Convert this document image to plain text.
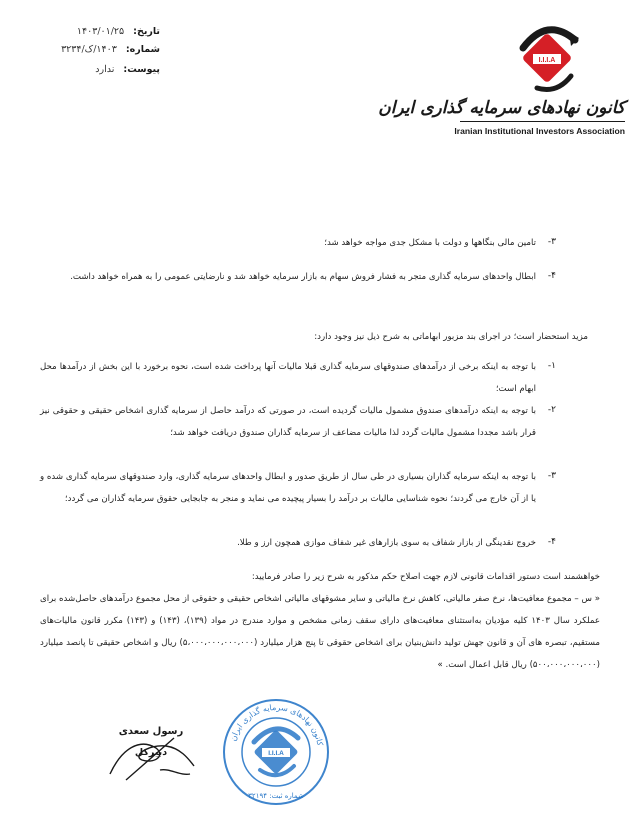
تاریخ: ۱۴۰۳/۰۱/۲۵
شماره: ۱۴۰۳/ک/۳۲۳۴
پیوست: ندارد
I.I.I.A
کانون نهادهای سرمایه گذاری ایران
Iranian Institutional Investors Association
۳-
تامین مالی بنگاهها و دولت با مشکل جدی مواجه خواهد شد؛
۴-
ابطال واحدهای سرمایه گذاری متجر به فشار فروش سهام به بازار سرمایه خواهد شد و نارضایتی عمومی را به همراه خواهد داشت.
مزید استحضار است؛ در اجرای بند مزبور ابهاماتی به شرح ذیل نیز وجود دارد:
۱-
با توجه به اینکه برخی از درآمدهای صندوقهای سرمایه گذاری قبلا مالیات آنها پرداخت شده است، نحوه برخورد با این بخش از درآمدها محل ابهام است؛
۲-
با توجه به اینکه درآمدهای صندوق مشمول مالیات گردیده است، در صورتی که درآمد حاصل از سرمایه گذاری اشخاص حقیقی و حقوقی نیز قرار باشد مجددا مشمول مالیات گردد لذا مالیات مضاعف از سرمایه گذاران صندوق دریافت خواهد شد؛
۳-
با توجه به اینکه سرمایه گذاران بسیاری در طی سال از طریق صدور و ابطال واحدهای سرمایه گذاری، وارد صندوقهای سرمایه گذاری شده و یا از آن خارج می گردند؛ نحوه شناسایی مالیات بر درآمد را بسیار پیچیده می نماید و منجر به جابجایی حقوق سرمایه گذاران می گردد؛
۴-
خروج نقدینگی از بازار شفاف به سوی بازارهای غیر شفاف موازی همچون ارز و طلا.
خواهشمند است دستور اقدامات قانونی لازم جهت اصلاح حکم مذکور به شرح زیر را صادر فرمایید:
« س – مجموع معافیت‌ها، نرخ صفر مالیاتی، کاهش نرخ مالیاتی و سایر مشوقهای مالیاتی اشخاص حقیقی و حقوقی از محل مجموع درآمدهای حاصل‌شده برای عملکرد سال ۱۴۰۳ کلیه مؤدیان به‌استثنای معافیت‌های دارای سقف زمانی مشخص و موارد مندرج در مواد (۱۳۹)، (۱۴۳) و (۱۴۳) مکرر قانون مالیات‌های مستقیم، تبصره های آن و قانون جهش تولید دانش‌بنیان برای اشخاص حقوقی تا پنج هزار میلیارد (۵،۰۰۰،۰۰۰،۰۰۰،۰۰۰) ریال و اشخاص حقیقی تا پانصد میلیارد (۵۰۰،۰۰۰،۰۰۰،۰۰۰) ریال قابل اعمال است. »
رسول سعدی
دبیرکل
کانون نهادهای سرمایه گذاری ایران
I.I.I.A
شماره ثبت: ۳۲۱۹۴
